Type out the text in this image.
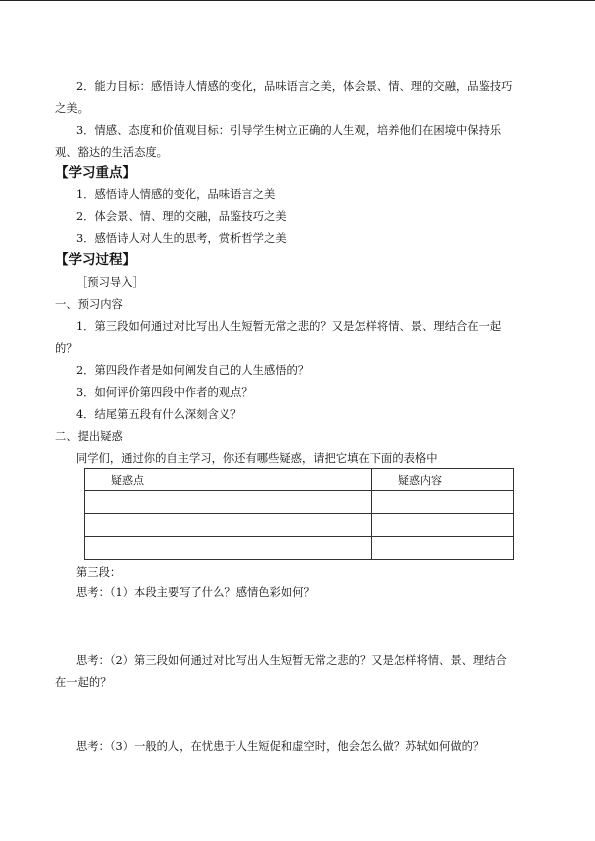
2．能力目标：感悟诗人情感的变化，品味语言之美，体会景、情、理的交融，品鉴技巧
之美。
3．情感、态度和价值观目标：引导学生树立正确的人生观，培养他们在困境中保持乐
观、豁达的生活态度。
【学习重点】
1．感悟诗人情感的变化，品味语言之美
2．体会景、情、理的交融，品鉴技巧之美
3．感悟诗人对人生的思考，赏析哲学之美
【学习过程】
［预习导入］
一、预习内容
1．第三段如何通过对比写出人生短暂无常之悲的？又是怎样将情、景、理结合在一起
的？
2．第四段作者是如何阐发自己的人生感悟的？
3．如何评价第四段中作者的观点？
4．结尾第五段有什么深刻含义？
二、提出疑惑
同学们，通过你的自主学习，你还有哪些疑惑，请把它填在下面的表格中
疑惑点	疑惑内容

第三段：
思考：（1）本段主要写了什么？感情色彩如何？
思考：（2）第三段如何通过对比写出人生短暂无常之悲的？又是怎样将情、景、理结合
在一起的？
思考：（3）一般的人，在忧患于人生短促和虚空时，他会怎么做？苏轼如何做的？
